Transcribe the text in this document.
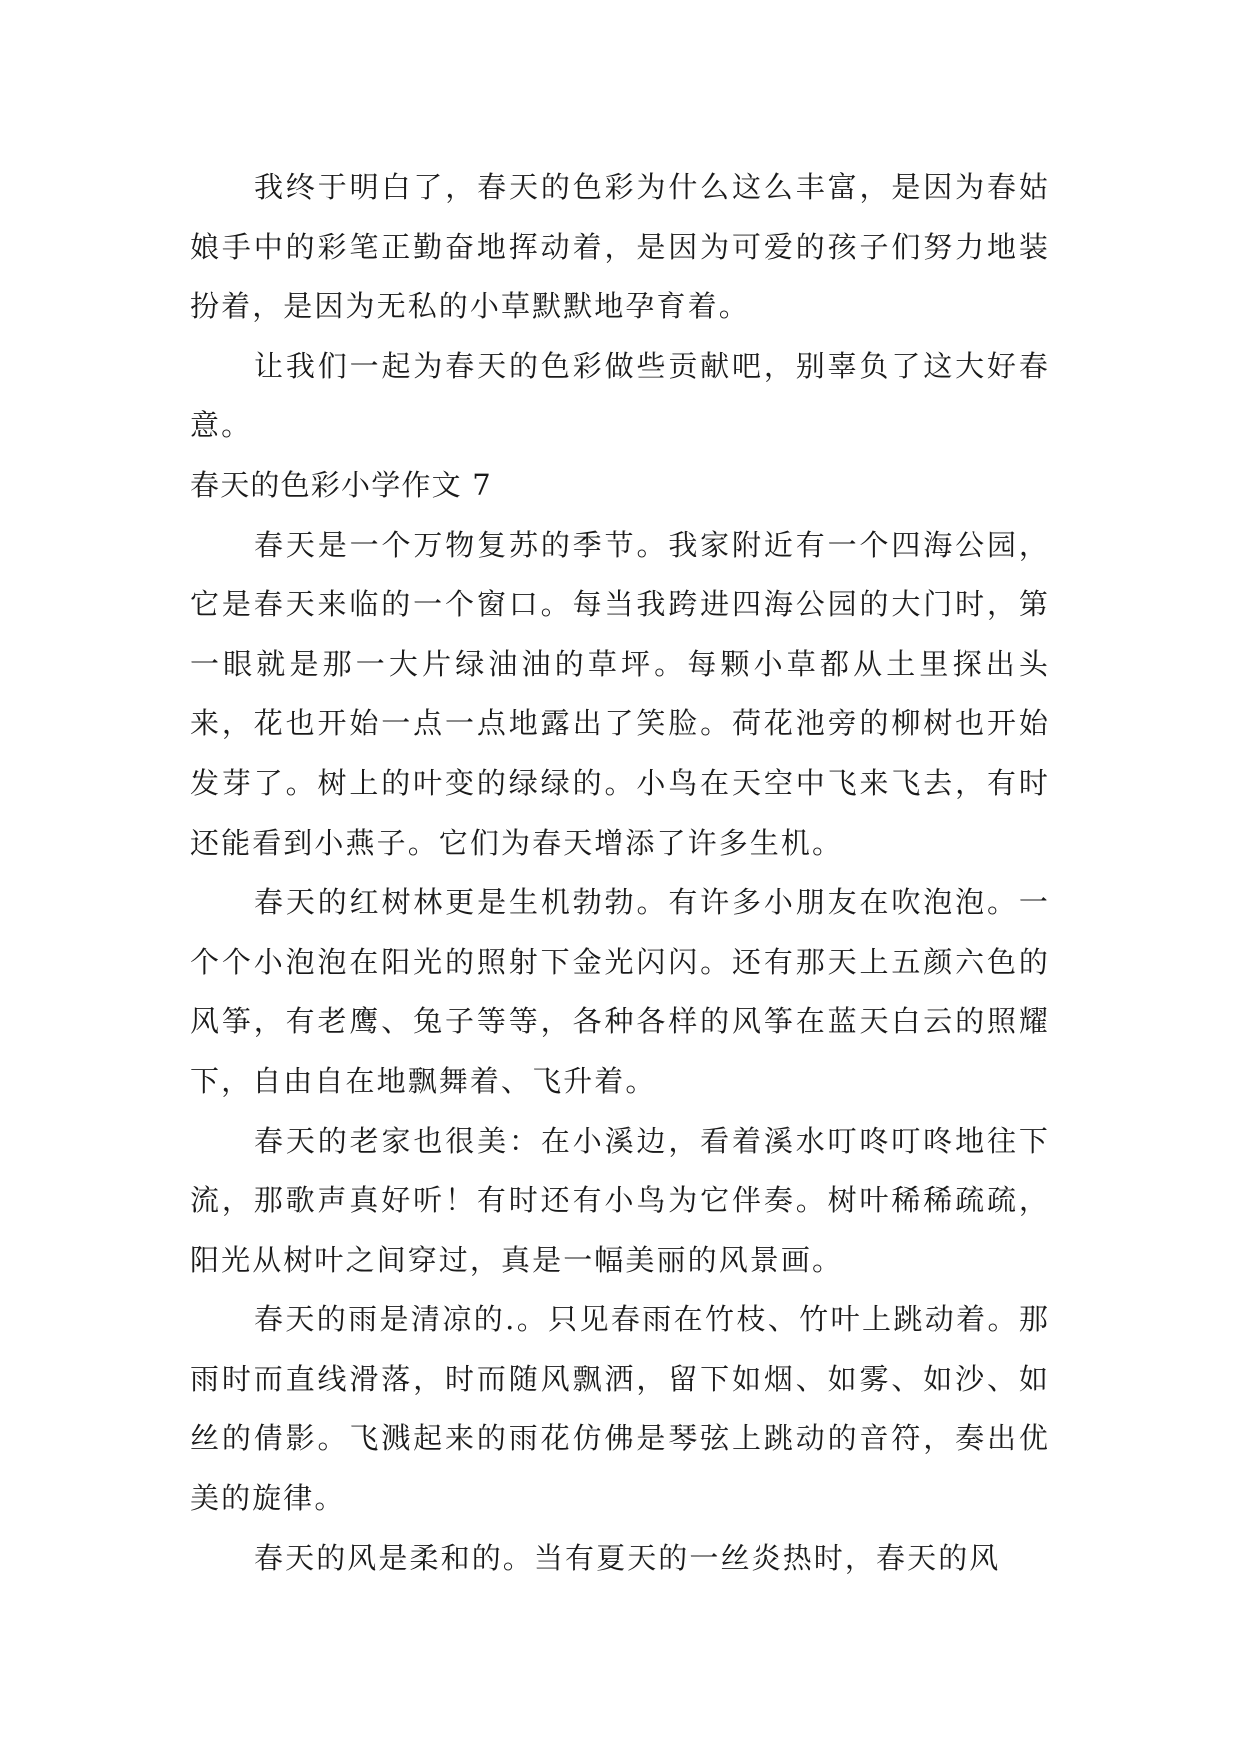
我终于明白了，春天的色彩为什么这么丰富，是因为春姑娘手中的彩笔正勤奋地挥动着，是因为可爱的孩子们努力地装扮着，是因为无私的小草默默地孕育着。

让我们一起为春天的色彩做些贡献吧，别辜负了这大好春意。

春天的色彩小学作文 7

春天是一个万物复苏的季节。我家附近有一个四海公园，它是春天来临的一个窗口。每当我跨进四海公园的大门时，第一眼就是那一大片绿油油的草坪。每颗小草都从土里探出头来，花也开始一点一点地露出了笑脸。荷花池旁的柳树也开始发芽了。树上的叶变的绿绿的。小鸟在天空中飞来飞去，有时还能看到小燕子。它们为春天增添了许多生机。

春天的红树林更是生机勃勃。有许多小朋友在吹泡泡。一个个小泡泡在阳光的照射下金光闪闪。还有那天上五颜六色的风筝，有老鹰、兔子等等，各种各样的风筝在蓝天白云的照耀下，自由自在地飘舞着、飞升着。

春天的老家也很美：在小溪边，看着溪水叮咚叮咚地往下流，那歌声真好听！有时还有小鸟为它伴奏。树叶稀稀疏疏，阳光从树叶之间穿过，真是一幅美丽的风景画。

春天的雨是清凉的.。只见春雨在竹枝、竹叶上跳动着。那雨时而直线滑落，时而随风飘洒，留下如烟、如雾、如沙、如丝的倩影。飞溅起来的雨花仿佛是琴弦上跳动的音符，奏出优美的旋律。

春天的风是柔和的。当有夏天的一丝炎热时，春天的风
